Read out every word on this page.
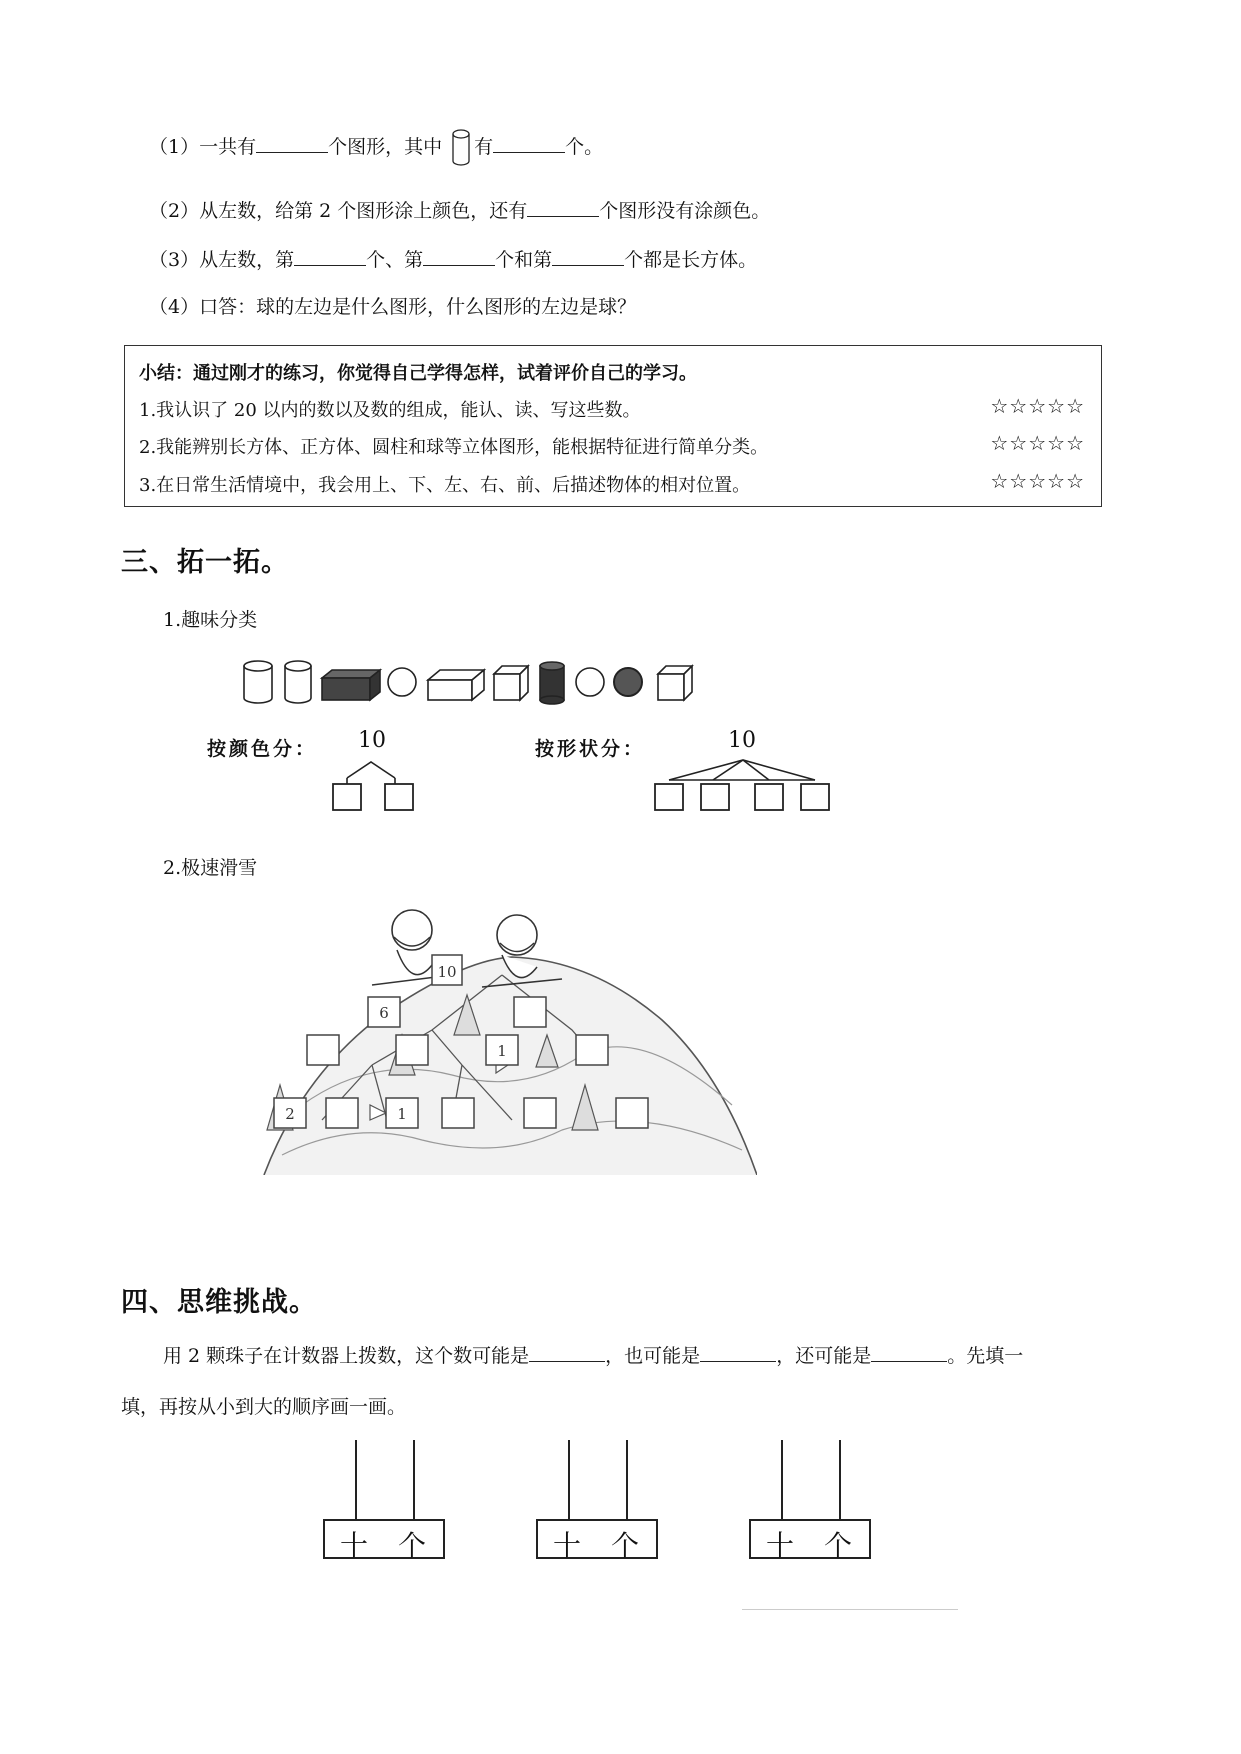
（1）一共有	个图形，其中 有	个。
（2）从左数，给第 2 个图形涂上颜色，还有	个图形没有涂颜色。
（3）从左数，第	个、第	个和第	个都是长方体。
（4）口答：球的左边是什么图形，什么图形的左边是球？
小结：通过刚才的练习，你觉得自己学得怎样，试着评价自己的学习。
1.我认识了 20 以内的数以及数的组成，能认、读、写这些数。	☆☆☆☆☆
2.我能辨别长方体、正方体、圆柱和球等立体图形，能根据特征进行简单分类。	☆☆☆☆☆
3.在日常生活情境中，我会用上、下、左、右、前、后描述物体的相对位置。	☆☆☆☆☆
三、拓一拓。
1.趣味分类
按颜色分： 10	按形状分：	10
2.极速滑雪
10
6
1
2	1
四、思维挑战。
用 2 颗珠子在计数器上拨数，这个数可能是	，也可能是	，还可能是	。先填一
填，再按从小到大的顺序画一画。
十 个	十 个	十 个
